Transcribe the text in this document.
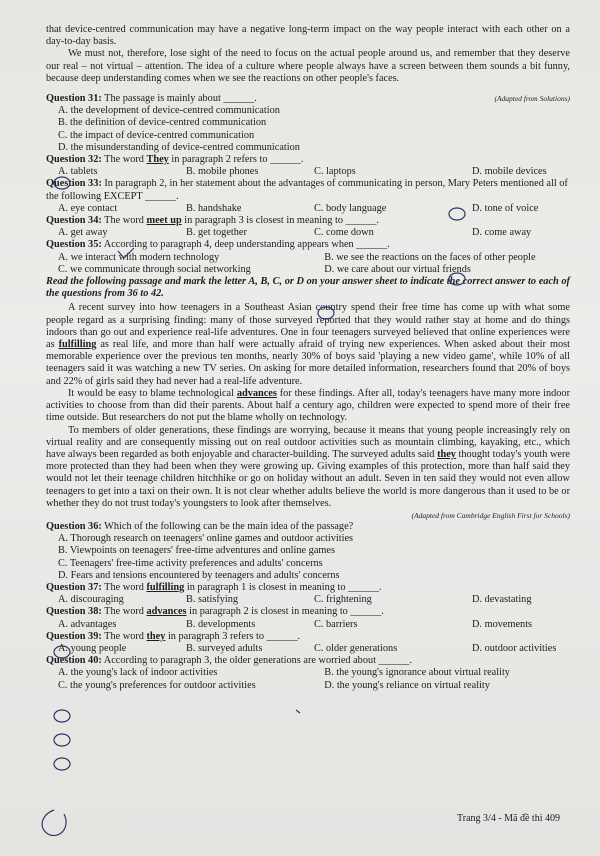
that device-centred communication may have a negative long-term impact on the way people interact with each other on a day-to-day basis.

We must not, therefore, lose sight of the need to focus on the actual people around us, and remember that they deserve our real – not virtual – attention. The idea of a culture where people always have a screen between them sounds a bit funny, because deep understanding comes when we see the reactions on other people's faces.

Question 31: The passage is mainly about ______.	(Adapted from Solutions)
A. the development of device-centred communication
B. the definition of device-centred communication
C. the impact of device-centred communication
D. the misunderstanding of device-centred communication
Question 32: The word They in paragraph 2 refers to ______.
A. tablets	B. mobile phones	C. laptops	D. mobile devices
Question 33: In paragraph 2, in her statement about the advantages of communicating in person, Mary Peters mentioned all of the following EXCEPT ______.
A. eye contact	B. handshake	C. body language	D. tone of voice
Question 34: The word meet up in paragraph 3 is closest in meaning to ______.
A. get away	B. get together	C. come down	D. come away
Question 35: According to paragraph 4, deep understanding appears when ______.
A. we interact with modern technology	B. we see the reactions on the faces of other people
C. we communicate through social networking	D. we care about our virtual friends

Read the following passage and mark the letter A, B, C, or D on your answer sheet to indicate the correct answer to each of the questions from 36 to 42.

A recent survey into how teenagers in a Southeast Asian country spend their free time has come up with what some people regard as a surprising finding: many of those surveyed reported that they would rather stay at home and do things indoors than go out and experience real-life adventures. One in four teenagers surveyed believed that online experiences were as fulfilling as real life, and more than half were actually afraid of trying new experiences. When asked about their most memorable experience over the previous ten months, nearly 30% of boys said 'playing a new video game', while 10% of all teenagers said it was watching a new TV series. On asking for more detailed information, researchers found that 20% of boys and 22% of girls said they had never had a real-life adventure.

It would be easy to blame technological advances for these findings. After all, today's teenagers have many more indoor activities to choose from than did their parents. About half a century ago, children were expected to spend more of their free time outside. But researchers do not put the blame wholly on technology.

To members of older generations, these findings are worrying, because it means that young people increasingly rely on virtual reality and are consequently missing out on real outdoor activities such as mountain climbing, kayaking, etc., which have always been regarded as both enjoyable and character-building. The surveyed adults said they thought today's youth were more protected than they had been when they were growing up. Giving examples of this protection, more than half said they would not let their teenage children hitchhike or go on holiday without an adult. Seven in ten said they would not even allow teenagers to get into a taxi on their own. It is not clear whether adults believe the world is more dangerous than it used to be or whether they do not trust today's youngsters to look after themselves.

(Adapted from Cambridge English First for Schools)

Question 36: Which of the following can be the main idea of the passage?
A. Thorough research on teenagers' online games and outdoor activities
B. Viewpoints on teenagers' free-time adventures and online games
C. Teenagers' free-time activity preferences and adults' concerns
D. Fears and tensions encountered by teenagers and adults' concerns
Question 37: The word fulfilling in paragraph 1 is closest in meaning to ______.
A. discouraging	B. satisfying	C. frightening	D. devastating
Question 38: The word advances in paragraph 2 is closest in meaning to ______.
A. advantages	B. developments	C. barriers	D. movements
Question 39: The word they in paragraph 3 refers to ______.
A. young people	B. surveyed adults	C. older generations	D. outdoor activities
Question 40: According to paragraph 3, the older generations are worried about ______.
A. the young's lack of indoor activities	B. the young's ignorance about virtual reality
C. the young's preferences for outdoor activities	D. the young's reliance on virtual reality
Trang 3/4 - Mã đề thi 409
